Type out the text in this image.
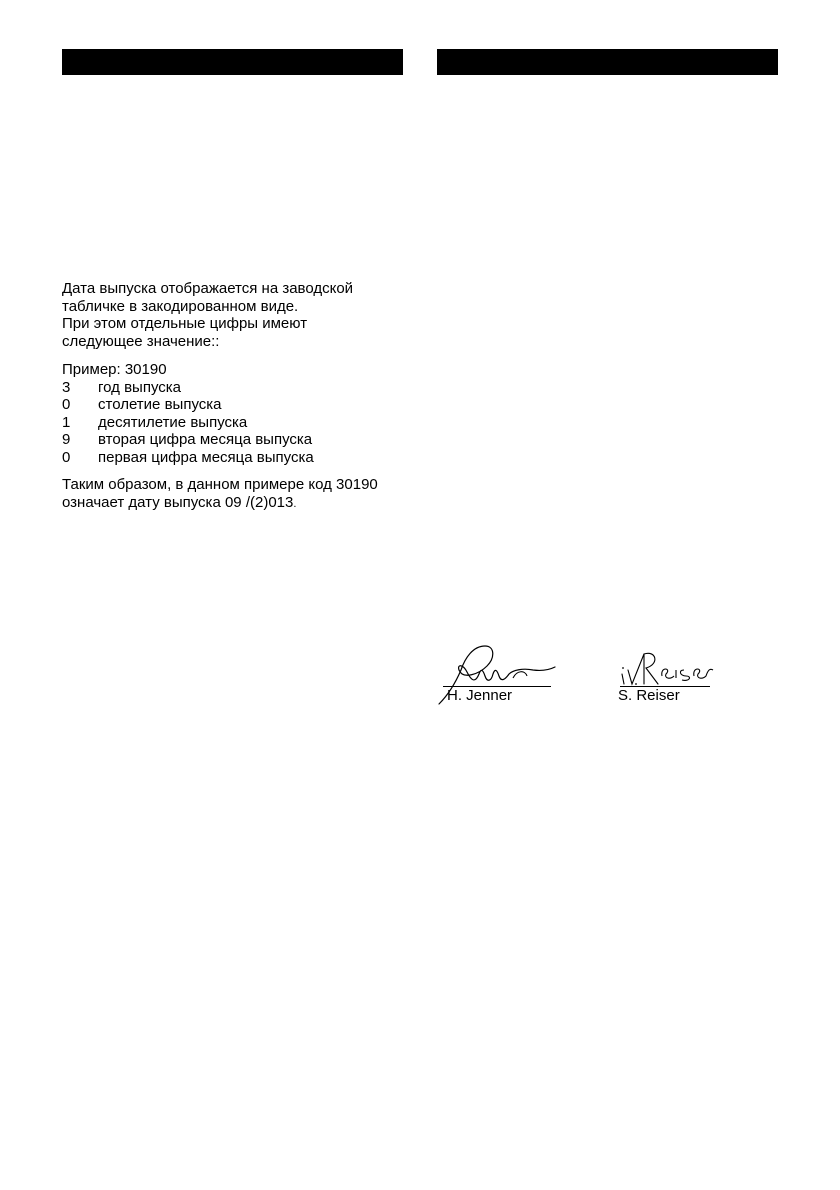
Дата выпуска отображается на заводской
табличке в закодированном виде.
При этом отдельные цифры имеют
следующее значение::
Пример: 30190
3 год выпуска
0 столетие выпуска
1 десятилетие выпуска
9 вторая цифра месяца выпуска
0 первая цифра месяца выпуска
Таким образом, в данном примере код 30190
означает дату выпуска 09 /(2)013.
H. Jenner	S. Reiser
